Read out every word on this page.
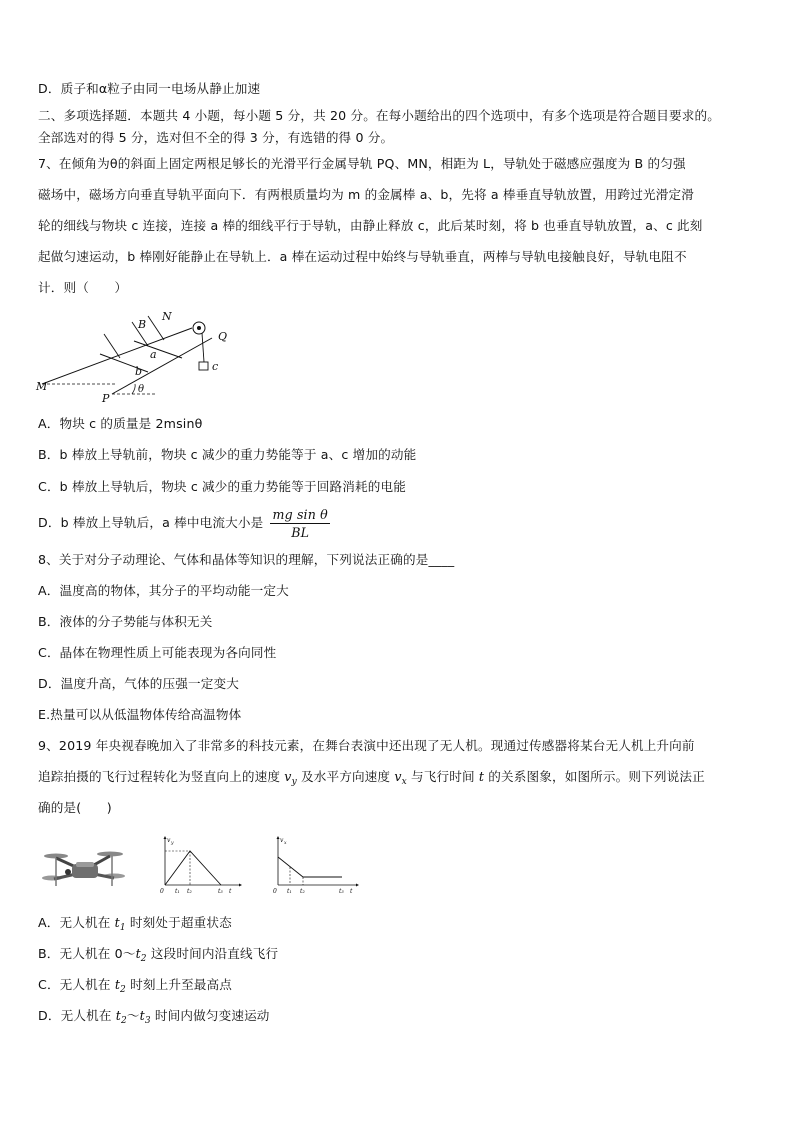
D．质子和α粒子由同一电场从静止加速
二、多项选择题．本题共 4 小题，每小题 5 分，共 20 分。在每小题给出的四个选项中，有多个选项是符合题目要求的。
全部选对的得 5 分，选对但不全的得 3 分，有选错的得 0 分。
7、在倾角为θ的斜面上固定两根足够长的光滑平行金属导轨 PQ、MN，相距为 L，导轨处于磁感应强度为 B 的匀强
磁场中，磁场方向垂直导轨平面向下．有两根质量均为 m 的金属棒 a、b，先将 a 棒垂直导轨放置，用跨过光滑定滑
轮的细线与物块 c 连接，连接 a 棒的细线平行于导轨，由静止释放 c，此后某时刻，将 b 也垂直导轨放置，a、c 此刻
起做匀速运动，b 棒刚好能静止在导轨上．a 棒在运动过程中始终与导轨垂直，两棒与导轨电接触良好，导轨电阻不
计．则（　　）
B
N
Q
a
b	c
M
P
θ
A．物块 c 的质量是 2msinθ
B．b 棒放上导轨前，物块 c 减少的重力势能等于 a、c 增加的动能
C．b 棒放上导轨后，物块 c 减少的重力势能等于回路消耗的电能
D．b 棒放上导轨后，a 棒中电流大小是 $\frac{\text{mg sin θ}}{BL}$
8、关于对分子动理论、气体和晶体等知识的理解，下列说法正确的是____
A．温度高的物体，其分子的平均动能一定大
B．液体的分子势能与体积无关
C．晶体在物理性质上可能表现为各向同性
D．温度升高，气体的压强一定变大
E.热量可以从低温物体传给高温物体
9、2019 年央视春晚加入了非常多的科技元素，在舞台表演中还出现了无人机。现通过传感器将某台无人机上升向前
追踪拍摄的飞行过程转化为竖直向上的速度 $v_y$ 及水平方向速度 $v_x$ 与飞行时间 t 的关系图象，如图所示。则下列说法正
确的是(　　)
v y
0 t₁ t₂	t₃ t
v x
0 t₁ t₂	t₃ t
A．无人机在 $t_1$ 时刻处于超重状态
B．无人机在 $0\sim t_2$ 这段时间内沿直线飞行
C．无人机在 $t_2$ 时刻上升至最高点
D．无人机在 $t_2\sim t_3$ 时间内做匀变速运动
